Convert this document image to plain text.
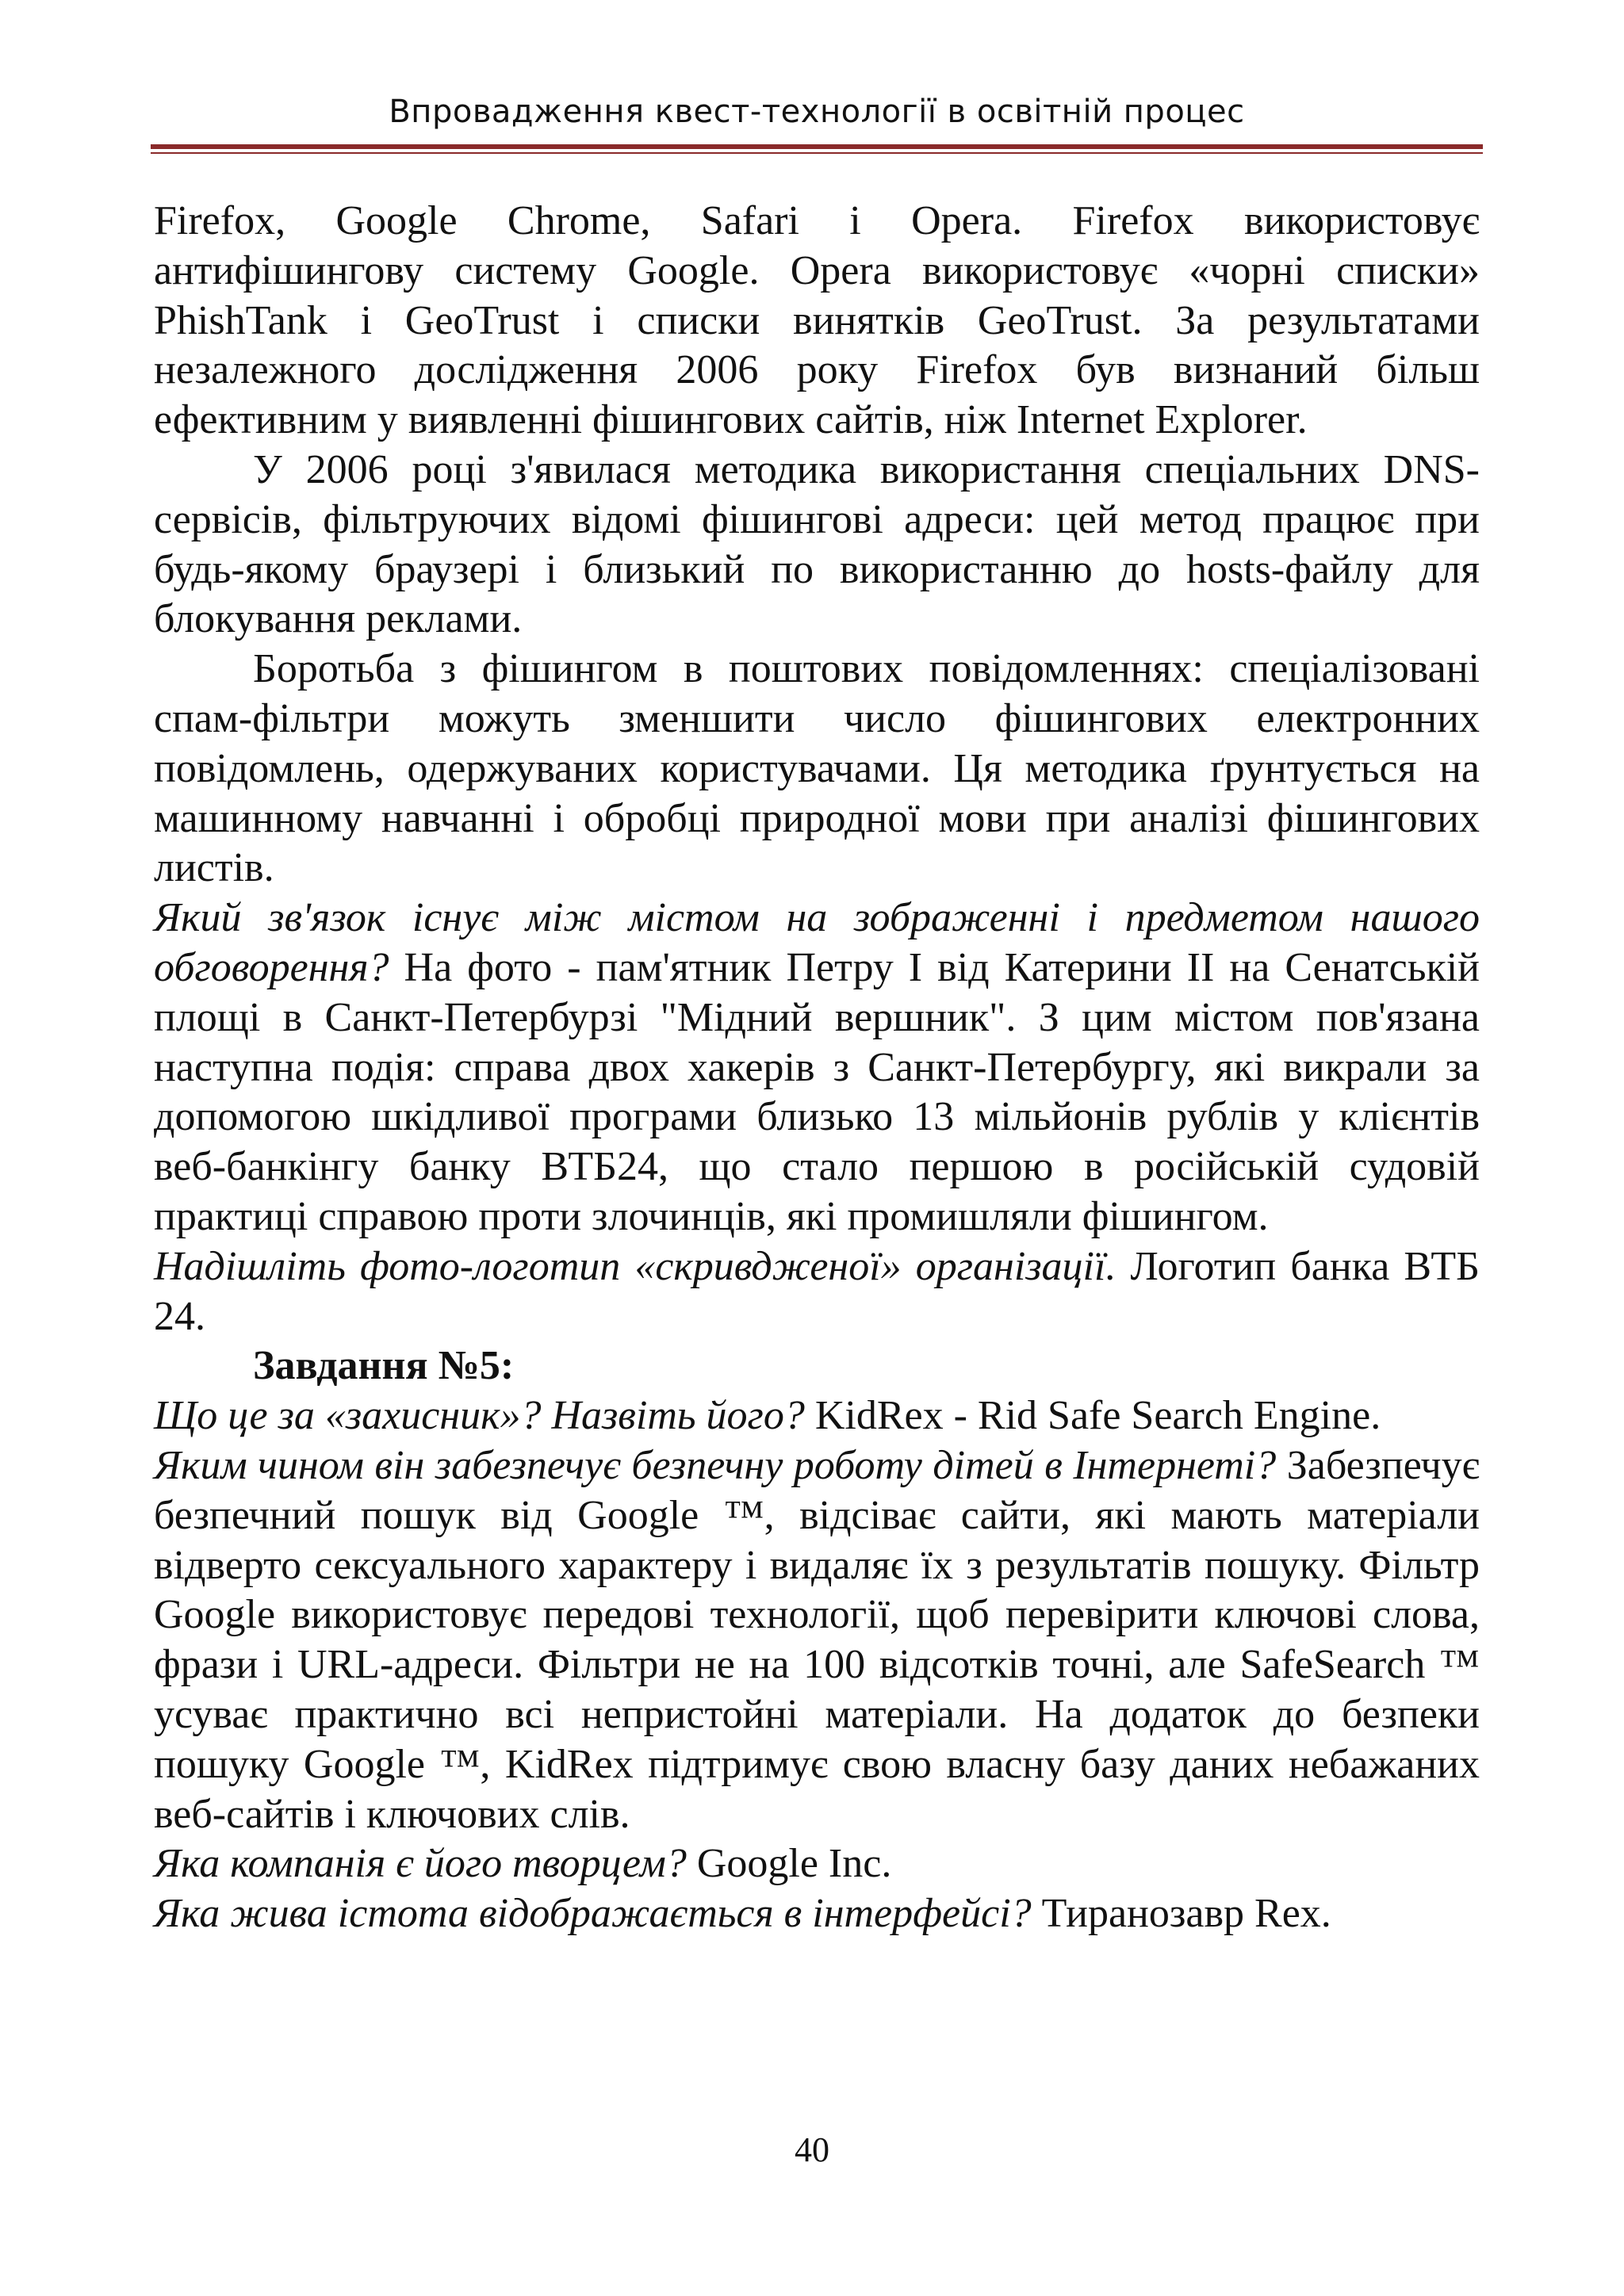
Впровадження квест-технології в освітній процес

Firefox, Google Chrome, Safari і Opera. Firefox використовує антифішингову систему Google. Opera використовує «чорні списки» PhishTank і GeoTrust і списки винятків GeoTrust. За результатами незалежного дослідження 2006 року Firefox був визнаний більш ефективним у виявленні фішингових сайтів, ніж Internet Explorer.

У 2006 році з'явилася методика використання спеціальних DNS-сервісів, фільтруючих відомі фішингові адреси: цей метод працює при будь-якому браузері і близький по використанню до hosts-файлу для блокування реклами.

Боротьба з фішингом в поштових повідомленнях: спеціалізовані спам-фільтри можуть зменшити число фішингових електронних повідомлень, одержуваних користувачами. Ця методика ґрунтується на машинному навчанні і обробці природної мови при аналізі фішингових листів.

Який зв'язок існує між містом на зображенні і предметом нашого обговорення? На фото - пам'ятник Петру І від Катерини II на Сенатській площі в Санкт-Петербурзі "Мідний вершник". З цим містом пов'язана наступна подія: справа двох хакерів з Санкт-Петербургу, які викрали за допомогою шкідливої програми близько 13 мільйонів рублів у клієнтів веб-банкінгу банку ВТБ24, що стало першою в російській судовій практиці справою проти злочинців, які промишляли фішингом.

Надішліть фото-логотип «скривдженої» організації. Логотип банка ВТБ 24.

Завдання №5:

Що це за «захисник»? Назвіть його? KidRex - Rid Safe Search Engine.

Яким чином він забезпечує безпечну роботу дітей в Інтернеті? Забезпечує безпечний пошук від Google ™, відсіває сайти, які мають матеріали відверто сексуального характеру і видаляє їх з результатів пошуку. Фільтр Google використовує передові технології, щоб перевірити ключові слова, фрази і URL-адреси. Фільтри не на 100 відсотків точні, але SafeSearch ™ усуває практично всі непристойні матеріали. На додаток до безпеки пошуку Google ™, KidRex підтримує свою власну базу даних небажаних веб-сайтів і ключових слів.

Яка компанія є його творцем? Google Inc.

Яка жива істота відображається в інтерфейсі? Тиранозавр Rex.

40
